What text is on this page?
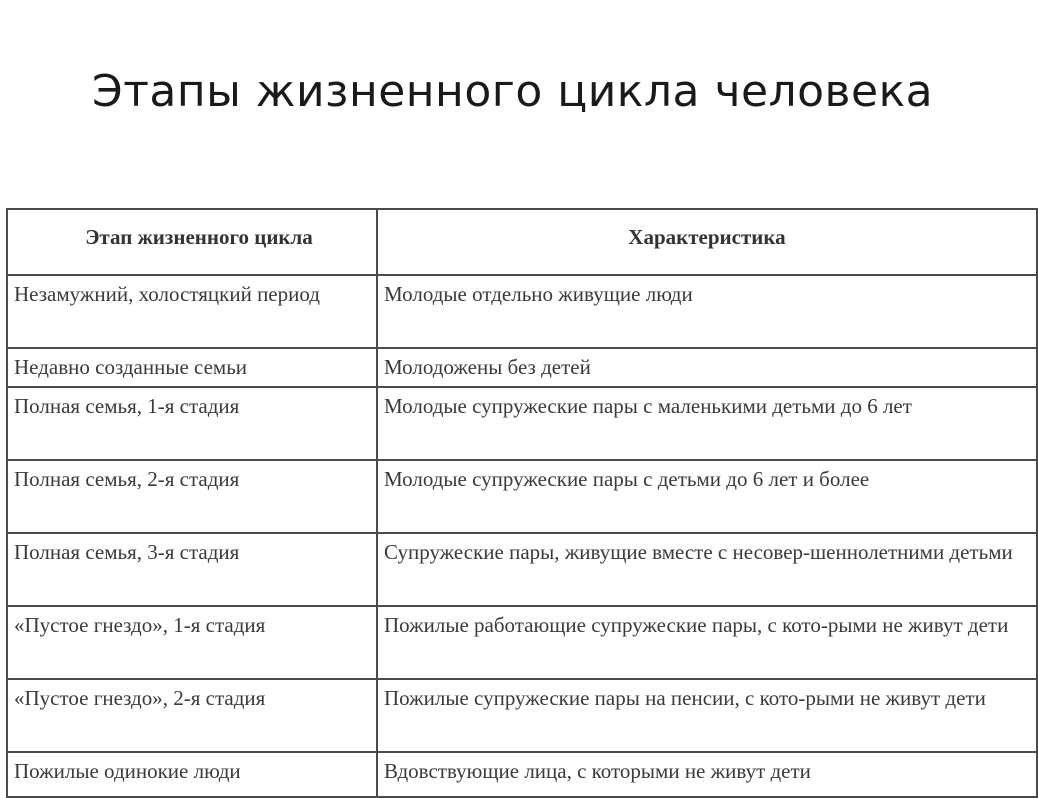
Этапы жизненного цикла человека
Этап жизненного цикла	Характеристика
Незамужний, холостяцкий период	Молодые отдельно живущие люди
Недавно созданные семьи	Молодожены без детей
Полная семья, 1-я стадия	Молодые супружеские пары с маленькими детьми до 6 лет
Полная семья, 2-я стадия	Молодые супружеские пары с детьми до 6 лет и более
Полная семья, 3-я стадия	Супружеские пары, живущие вместе с несовер-шеннолетними детьми
«Пустое гнездо», 1-я стадия	Пожилые работающие супружеские пары, с кото-рыми не живут дети
«Пустое гнездо», 2-я стадия	Пожилые супружеские пары на пенсии, с кото-рыми не живут дети
Пожилые одинокие люди	Вдовствующие лица, с которыми не живут дети
